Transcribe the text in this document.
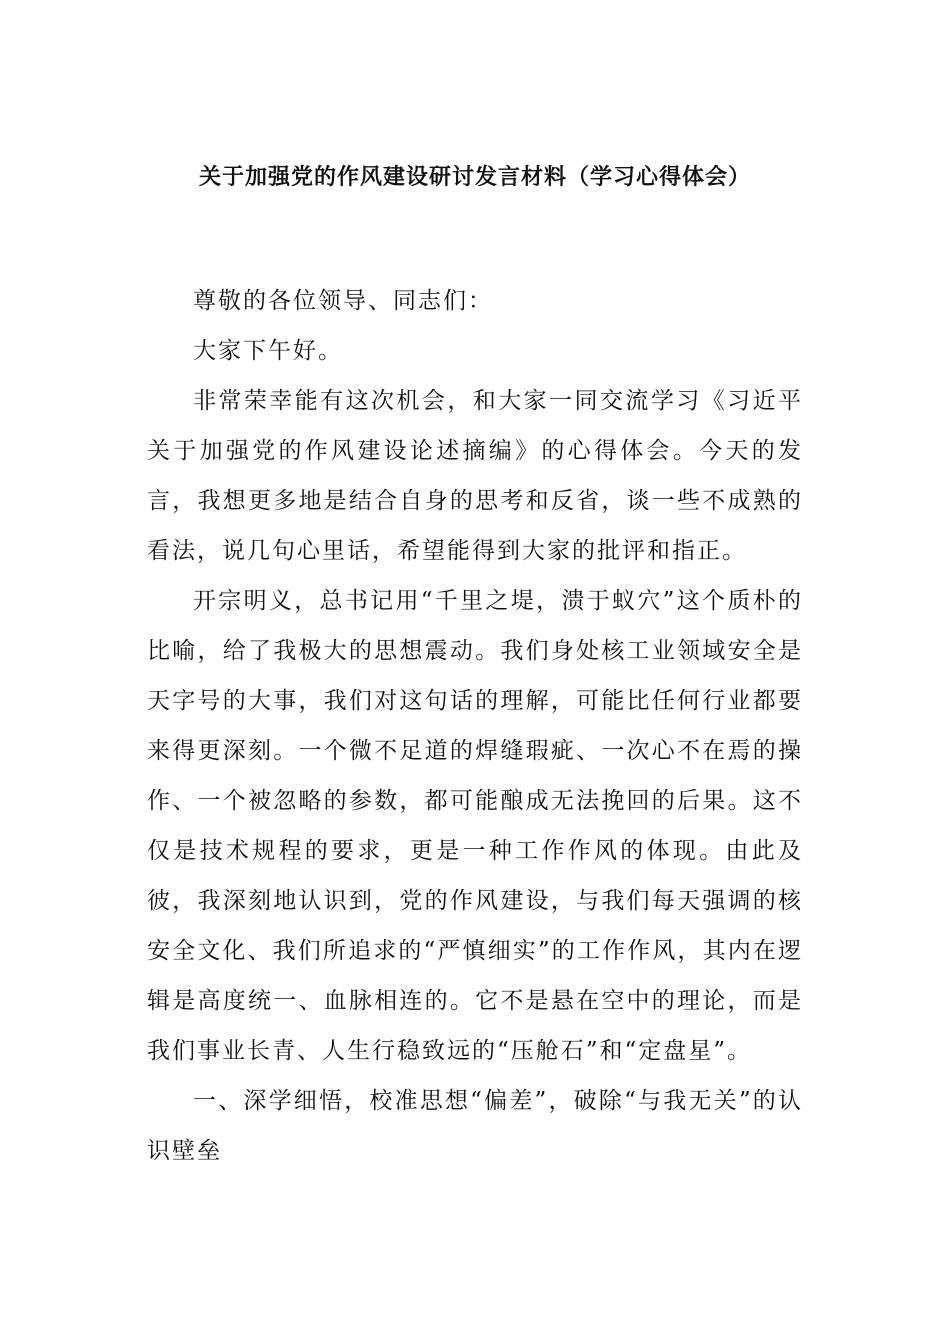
关于加强党的作风建设研讨发言材料（学习心得体会）

尊敬的各位领导、同志们：

大家下午好。

非常荣幸能有这次机会，和大家一同交流学习《习近平关于加强党的作风建设论述摘编》的心得体会。今天的发言，我想更多地是结合自身的思考和反省，谈一些不成熟的看法，说几句心里话，希望能得到大家的批评和指正。

开宗明义，总书记用“千里之堤，溃于蚁穴”这个质朴的比喻，给了我极大的思想震动。我们身处核工业领域安全是天字号的大事，我们对这句话的理解，可能比任何行业都要来得更深刻。一个微不足道的焊缝瑕疵、一次心不在焉的操作、一个被忽略的参数，都可能酿成无法挽回的后果。这不仅是技术规程的要求，更是一种工作作风的体现。由此及彼，我深刻地认识到，党的作风建设，与我们每天强调的核安全文化、我们所追求的“严慎细实”的工作作风，其内在逻辑是高度统一、血脉相连的。它不是悬在空中的理论，而是我们事业长青、人生行稳致远的“压舱石”和“定盘星”。

一、深学细悟，校准思想“偏差”，破除“与我无关”的认识壁垒
